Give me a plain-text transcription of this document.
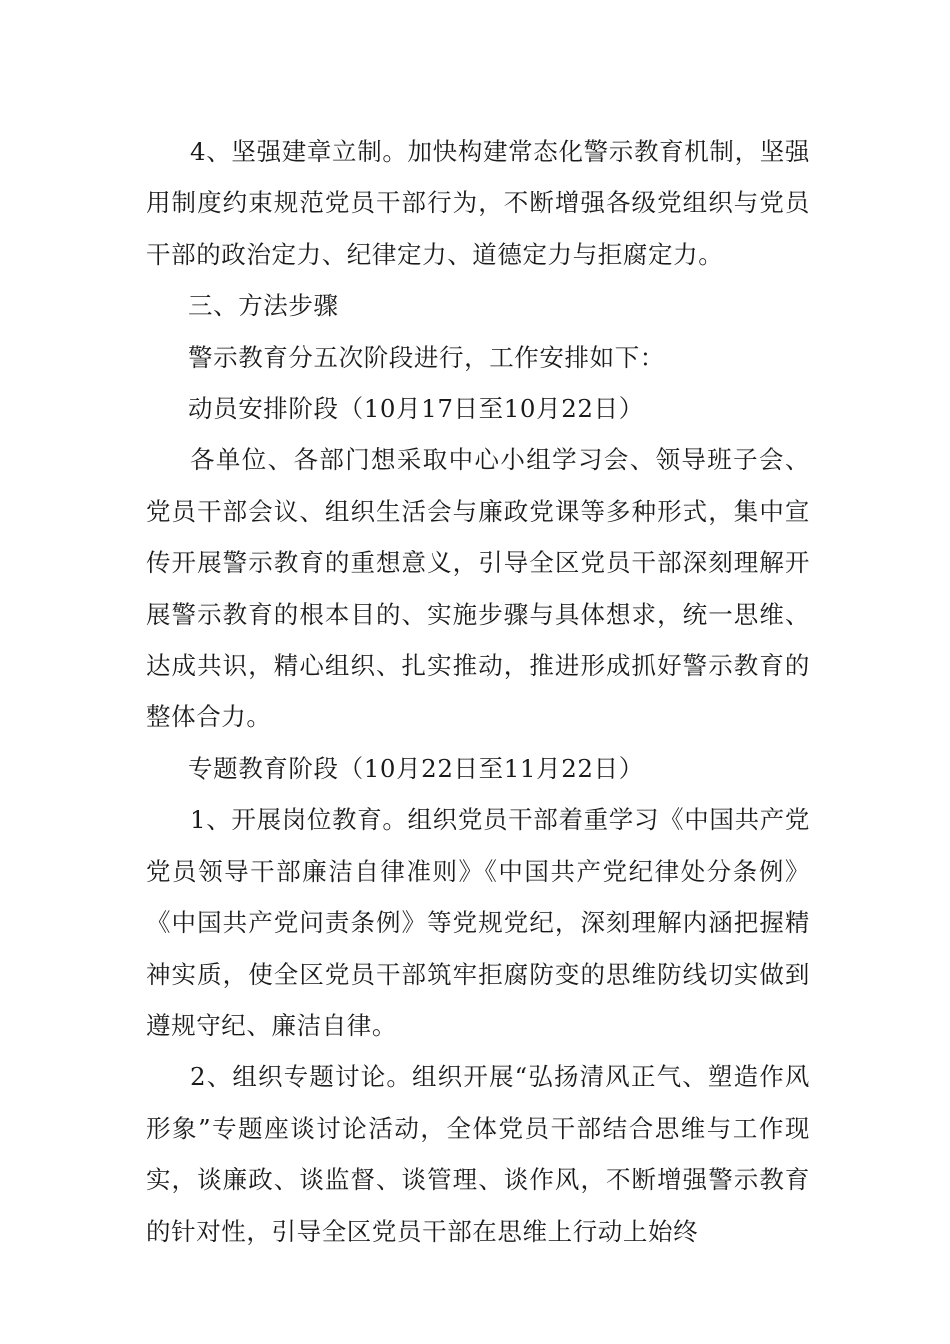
4、坚强建章立制。加快构建常态化警示教育机制，坚强用制度约束规范党员干部行为，不断增强各级党组织与党员干部的政治定力、纪律定力、道德定力与拒腐定力。

三、方法步骤

警示教育分五次阶段进行，工作安排如下：

动员安排阶段（10月17日至10月22日）

各单位、各部门想采取中心小组学习会、领导班子会、党员干部会议、组织生活会与廉政党课等多种形式，集中宣传开展警示教育的重想意义，引导全区党员干部深刻理解开展警示教育的根本目的、实施步骤与具体想求，统一思维、达成共识，精心组织、扎实推动，推进形成抓好警示教育的整体合力。

专题教育阶段（10月22日至11月22日）

1、开展岗位教育。组织党员干部着重学习《中国共产党党员领导干部廉洁自律准则》《中国共产党纪律处分条例》《中国共产党问责条例》等党规党纪，深刻理解内涵把握精神实质，使全区党员干部筑牢拒腐防变的思维防线切实做到遵规守纪、廉洁自律。

2、组织专题讨论。组织开展“弘扬清风正气、塑造作风形象”专题座谈讨论活动，全体党员干部结合思维与工作现实，谈廉政、谈监督、谈管理、谈作风，不断增强警示教育的针对性，引导全区党员干部在思维上行动上始终
